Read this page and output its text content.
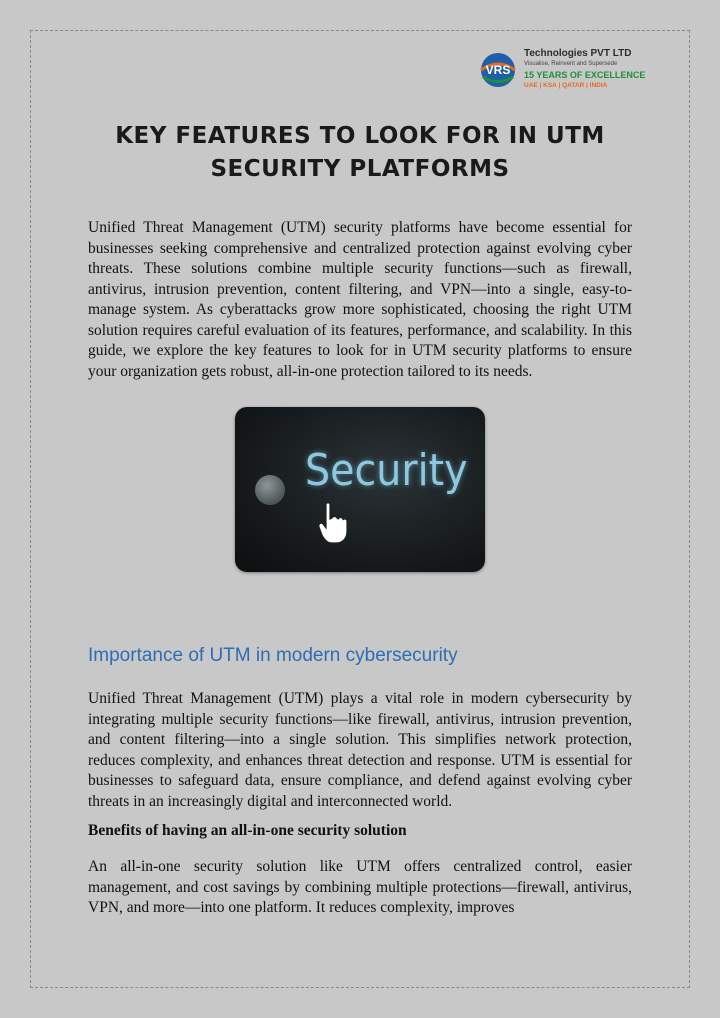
VRS
Technologies PVT LTD
Visualise, Reinvent and Supersede
15 YEARS OF EXCELLENCE
UAE | KSA | QATAR | INDIA
KEY FEATURES TO LOOK FOR IN UTM
SECURITY PLATFORMS
Unified Threat Management (UTM) security platforms have become essential for businesses seeking comprehensive and centralized protection against evolving cyber threats. These solutions combine multiple security functions—such as firewall, antivirus, intrusion prevention, content filtering, and VPN—into a single, easy-to-manage system. As cyberattacks grow more sophisticated, choosing the right UTM solution requires careful evaluation of its features, performance, and scalability. In this guide, we explore the key features to look for in UTM security platforms to ensure your organization gets robust, all-in-one protection tailored to its needs.
Security
Importance of UTM in modern cybersecurity
Unified Threat Management (UTM) plays a vital role in modern cybersecurity by integrating multiple security functions—like firewall, antivirus, intrusion prevention, and content filtering—into a single solution. This simplifies network protection, reduces complexity, and enhances threat detection and response. UTM is essential for businesses to safeguard data, ensure compliance, and defend against evolving cyber threats in an increasingly digital and interconnected world.
Benefits of having an all-in-one security solution
An all-in-one security solution like UTM offers centralized control, easier management, and cost savings by combining multiple protections—firewall, antivirus, VPN, and more—into one platform. It reduces complexity, improves
